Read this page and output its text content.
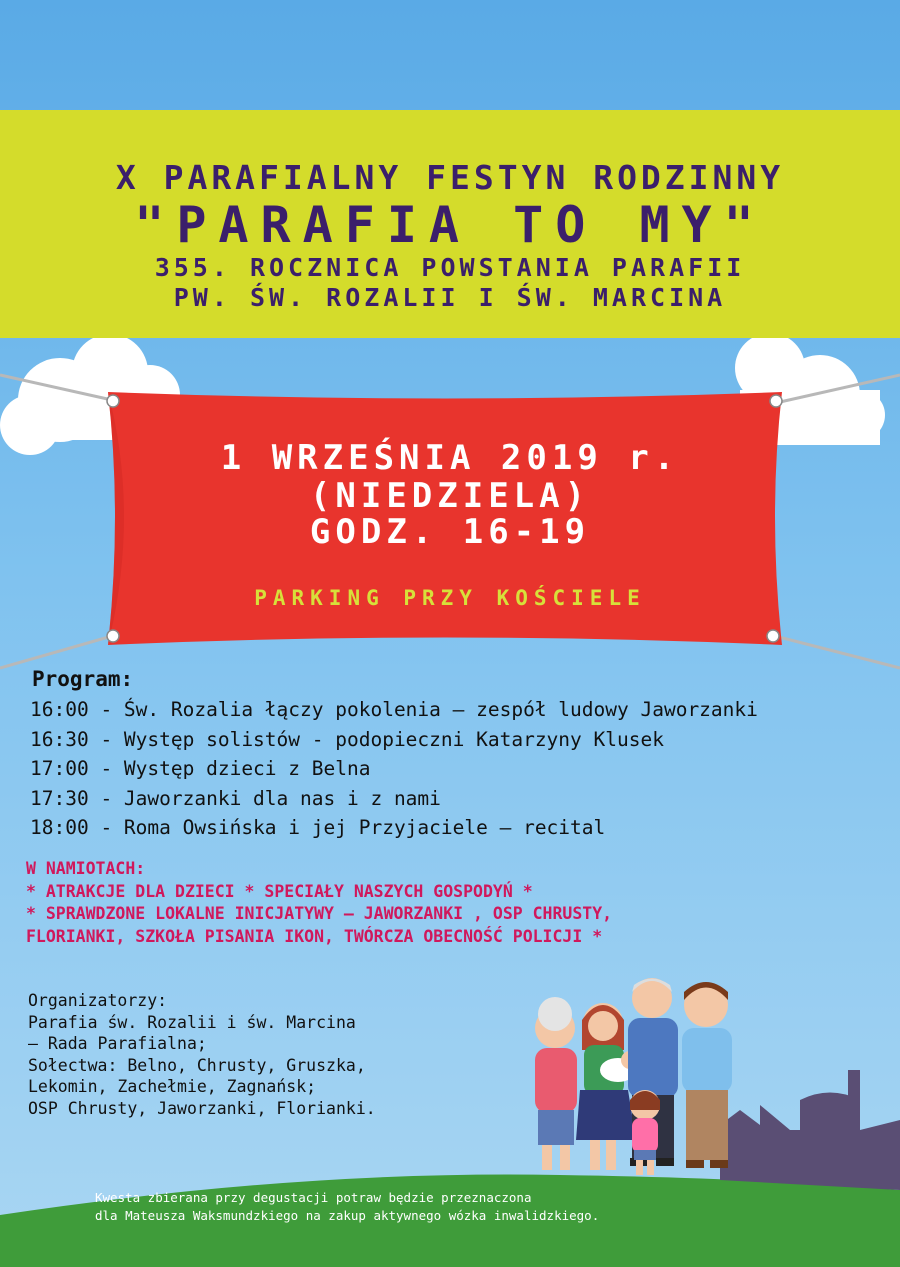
X PARAFIALNY FESTYN RODZINNY
"PARAFIA TO MY"
355. ROCZNICA POWSTANIA PARAFII
PW. ŚW. ROZALII I ŚW. MARCINA
1 WRZEŚNIA 2019 r.
(NIEDZIELA)
GODZ. 16-19
PARKING PRZY KOŚCIELE
Program:
16:00 - Św. Rozalia łączy pokolenia – zespół ludowy Jaworzanki
16:30 - Występ solistów - podopieczni Katarzyny Klusek
17:00 - Występ dzieci z Belna
17:30 - Jaworzanki dla nas i z nami
18:00 - Roma Owsińska i jej Przyjaciele – recital
W NAMIOTACH:
* ATRAKCJE DLA DZIECI * SPECIAŁY NASZYCH GOSPODYŃ *
* SPRAWDZONE LOKALNE INICJATYWY – JAWORZANKI , OSP CHRUSTY,
FLORIANKI, SZKOŁA PISANIA IKON, TWÓRCZA OBECNOŚĆ POLICJI *
Organizatorzy:
Parafia św. Rozalii i św. Marcina
– Rada Parafialna;
Sołectwa: Belno, Chrusty, Gruszka,
Lekomin, Zachełmie, Zagnańsk;
OSP Chrusty, Jaworzanki, Florianki.
Kwesta zbierana przy degustacji potraw będzie przeznaczona
dla Mateusza Waksmundzkiego na zakup aktywnego wózka inwalidzkiego.
